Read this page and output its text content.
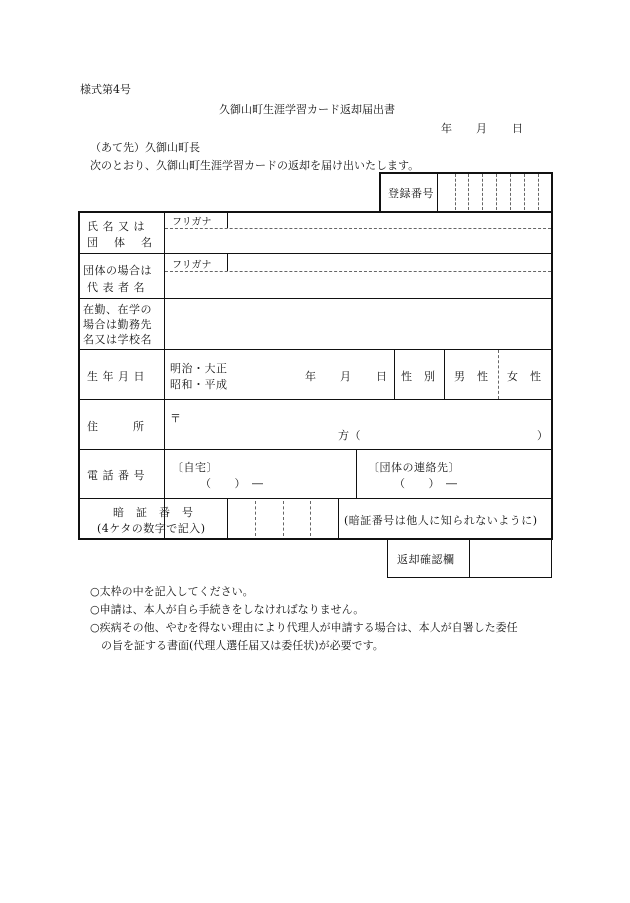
様式第4号
久御山町生涯学習カード返却届出書
年 月 日
（あて先）久御山町長
次のとおり、久御山町生涯学習カードの返却を届け出いたします。
登録番号
氏 名 又 は
団　 体　 名
フリガナ
団体の場合は
代 表 者 名
フリガナ
在勤、在学の
場合は勤務先
名又は学校名
生 年 月 日
明治・大正
昭和・平成
年 月 日 性　別 男　性 女　性
住　　　所
〒
方（	）
電 話 番 号
〔自宅〕
（　　）　―
〔団体の連絡先〕
（　　）　―
暗　証　番　号
(4ケタの数字で記入)
(暗証番号は他人に知られないように)
返却確認欄
○太枠の中を記入してください。
○申請は、本人が自ら手続きをしなければなりません。
○疾病その他、やむを得ない理由により代理人が申請する場合は、本人が自署した委任
　の旨を証する書面(代理人選任届又は委任状)が必要です。
